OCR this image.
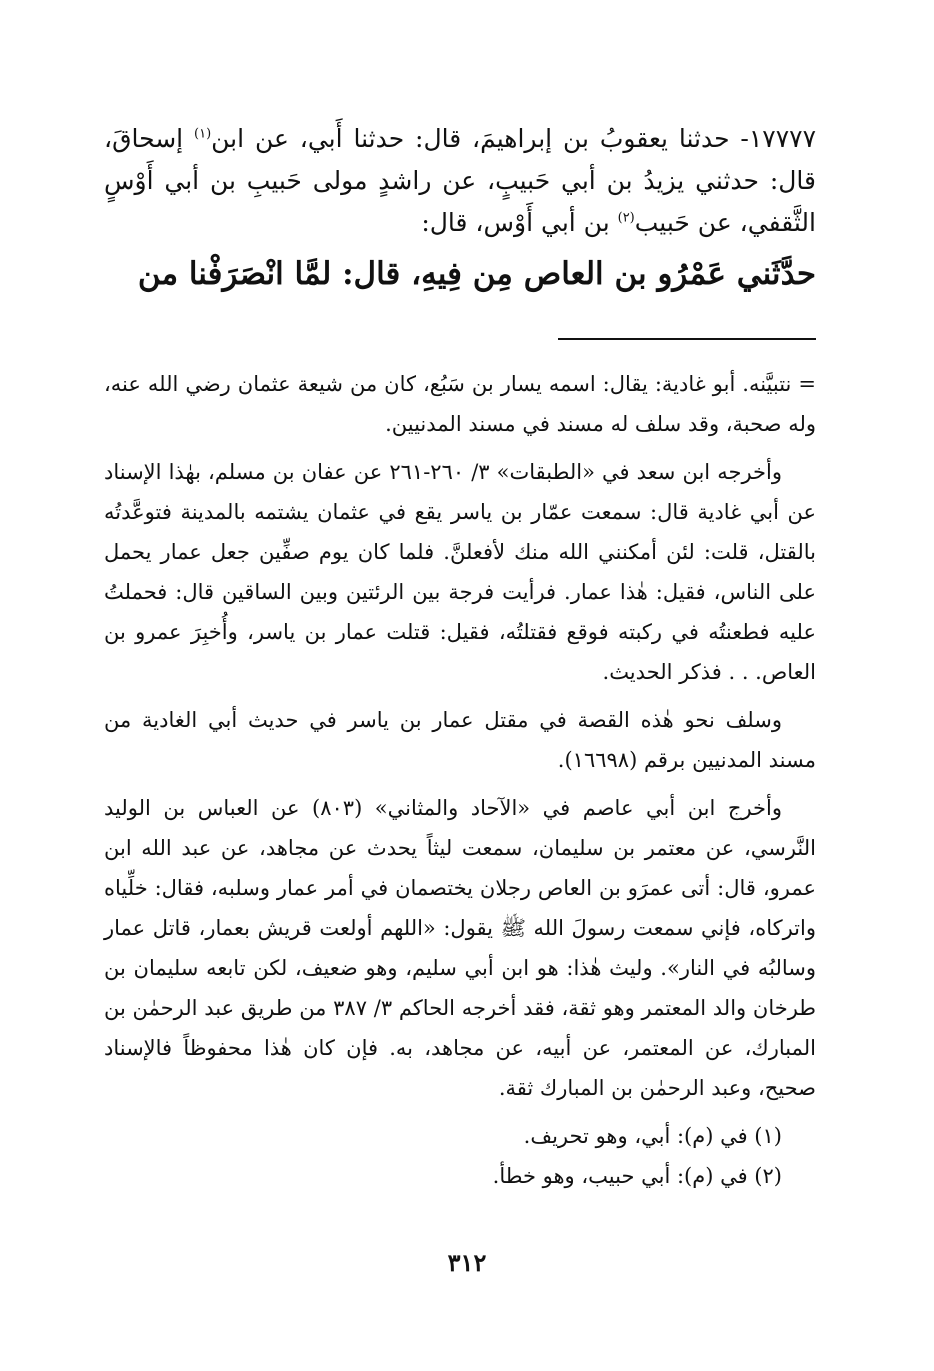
١٧٧٧٧- حدثنا يعقوبُ بن إبراهيمَ، قال: حدثنا أَبي، عن ابن$^{(١)}$ إسحاقَ، قال: حدثني يزيدُ بن أبي حَبيبٍ، عن راشدٍ مولى حَبيبِ بن أبي أَوْسٍ الثَّقفي، عن حَبيب$^{(٢)}$ بن أبي أَوْس، قال:

حدَّثَني عَمْرُو بن العاص مِن فِيهِ، قال: لمَّا انْصَرَفْنا من

= نتبيَّنه. أبو غادية: يقال: اسمه يسار بن سَبُع، كان من شيعة عثمان رضي الله عنه، وله صحبة، وقد سلف له مسند في مسند المدنيين.

وأخرجه ابن سعد في «الطبقات» ٣/ ٢٦٠-٢٦١ عن عفان بن مسلم، بهٰذا الإسناد عن أبي غادية قال: سمعت عمّار بن ياسر يقع في عثمان يشتمه بالمدينة فتوعَّدتُه بالقتل، قلت: لئن أمكنني الله منك لأفعلنَّ. فلما كان يوم صفِّين جعل عمار يحمل على الناس، فقيل: هٰذا عمار. فرأيت فرجة بين الرئتين وبين الساقين قال: فحملتُ عليه فطعنتُه في ركبته فوقع فقتلتُه، فقيل: قتلت عمار بن ياسر، وأُخبِرَ عمرو بن العاص. . . فذكر الحديث.

وسلف نحو هٰذه القصة في مقتل عمار بن ياسر في حديث أبي الغادية من مسند المدنيين برقم (١٦٦٩٨).

وأخرج ابن أبي عاصم في «الآحاد والمثاني» (٨٠٣) عن العباس بن الوليد النَّرسي، عن معتمر بن سليمان، سمعت ليثاً يحدث عن مجاهد، عن عبد الله ابن عمرو، قال: أتى عمرَو بن العاص رجلان يختصمان في أمر عمار وسلبه، فقال: خلِّياه واتركاه، فإني سمعت رسولَ الله ﷺ يقول: «اللهم أولعت قريش بعمار، قاتل عمار وسالبُه في النار». وليث هٰذا: هو ابن أبي سليم، وهو ضعيف، لكن تابعه سليمان بن طرخان والد المعتمر وهو ثقة، فقد أخرجه الحاكم ٣/ ٣٨٧ من طريق عبد الرحمٰن بن المبارك، عن المعتمر، عن أبيه، عن مجاهد، به. فإن كان هٰذا محفوظاً فالإسناد صحيح، وعبد الرحمٰن بن المبارك ثقة.

(١) في (م): أبي، وهو تحريف.

(٢) في (م): أبي حبيب، وهو خطأ.

٣١٢
